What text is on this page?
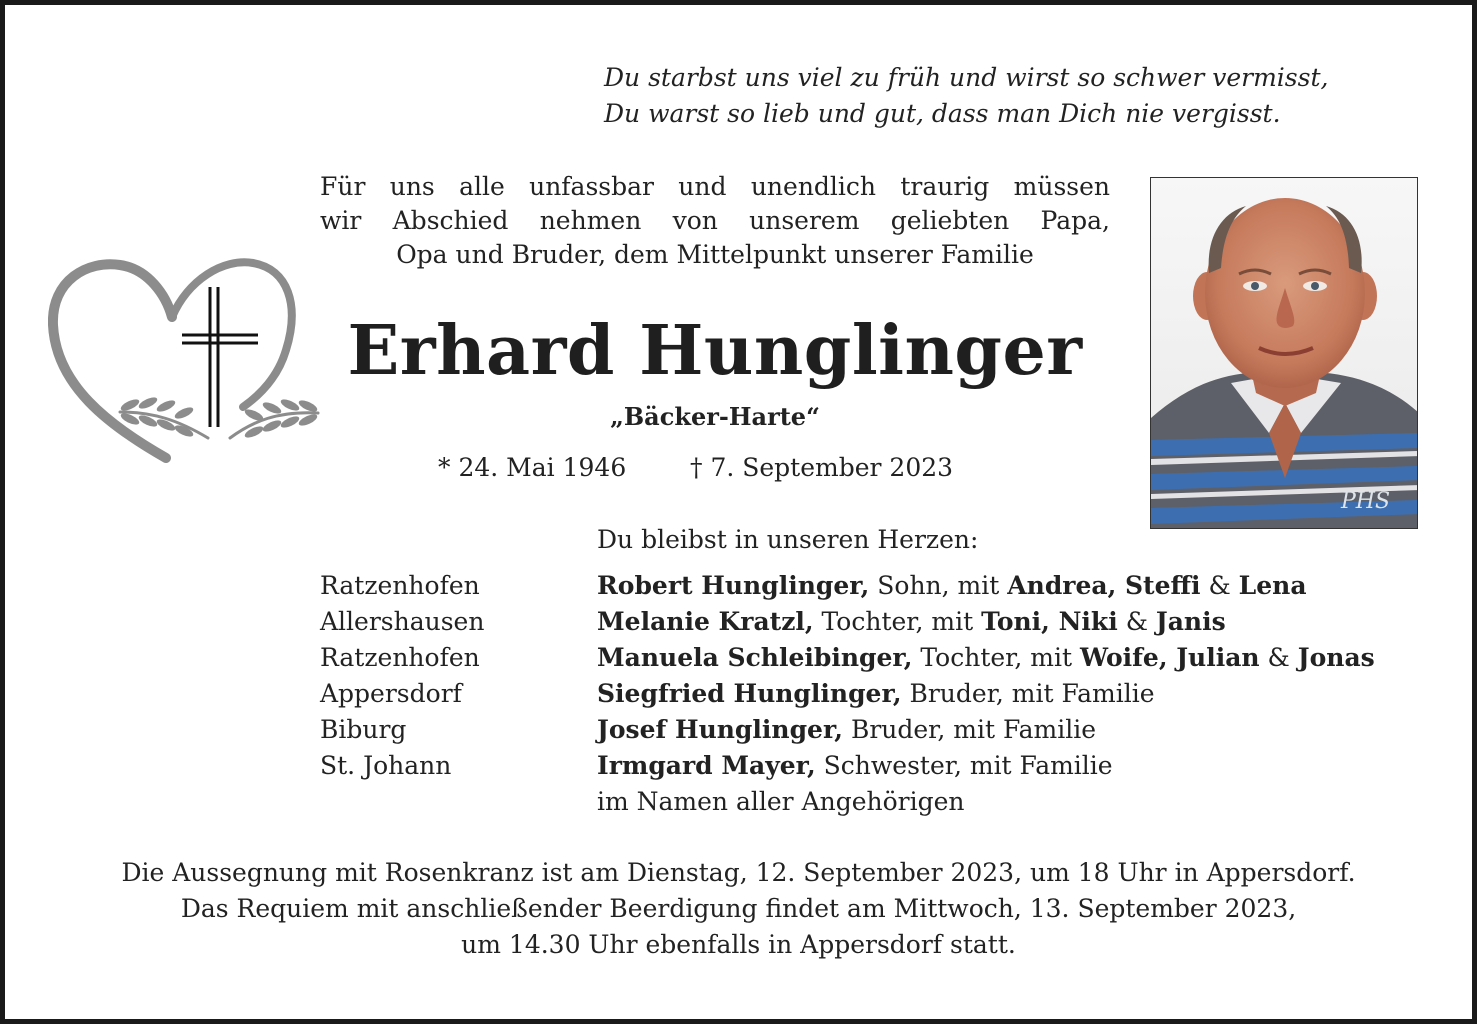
Du starbst uns viel zu früh und wirst so schwer vermisst,
Du warst so lieb und gut, dass man Dich nie vergisst.
Für uns alle unfassbar und unendlich traurig müssen
wir Abschied nehmen von unserem geliebten Papa,
Opa und Bruder, dem Mittelpunkt unserer Familie
Erhard Hunglinger
„Bäcker-Harte“
* 24. Mai 1946	† 7. September 2023
PHS
Du bleibst in unseren Herzen:
Ratzenhofen	Robert Hunglinger, Sohn, mit Andrea, Steffi & Lena
Allershausen	Melanie Kratzl, Tochter, mit Toni, Niki & Janis
Ratzenhofen	Manuela Schleibinger, Tochter, mit Woife, Julian & Jonas
Appersdorf	Siegfried Hunglinger, Bruder, mit Familie
Biburg	Josef Hunglinger, Bruder, mit Familie
St. Johann	Irmgard Mayer, Schwester, mit Familie
im Namen aller Angehörigen
Die Aussegnung mit Rosenkranz ist am Dienstag, 12. September 2023, um 18 Uhr in Appersdorf.
Das Requiem mit anschließender Beerdigung findet am Mittwoch, 13. September 2023,
um 14.30 Uhr ebenfalls in Appersdorf statt.
